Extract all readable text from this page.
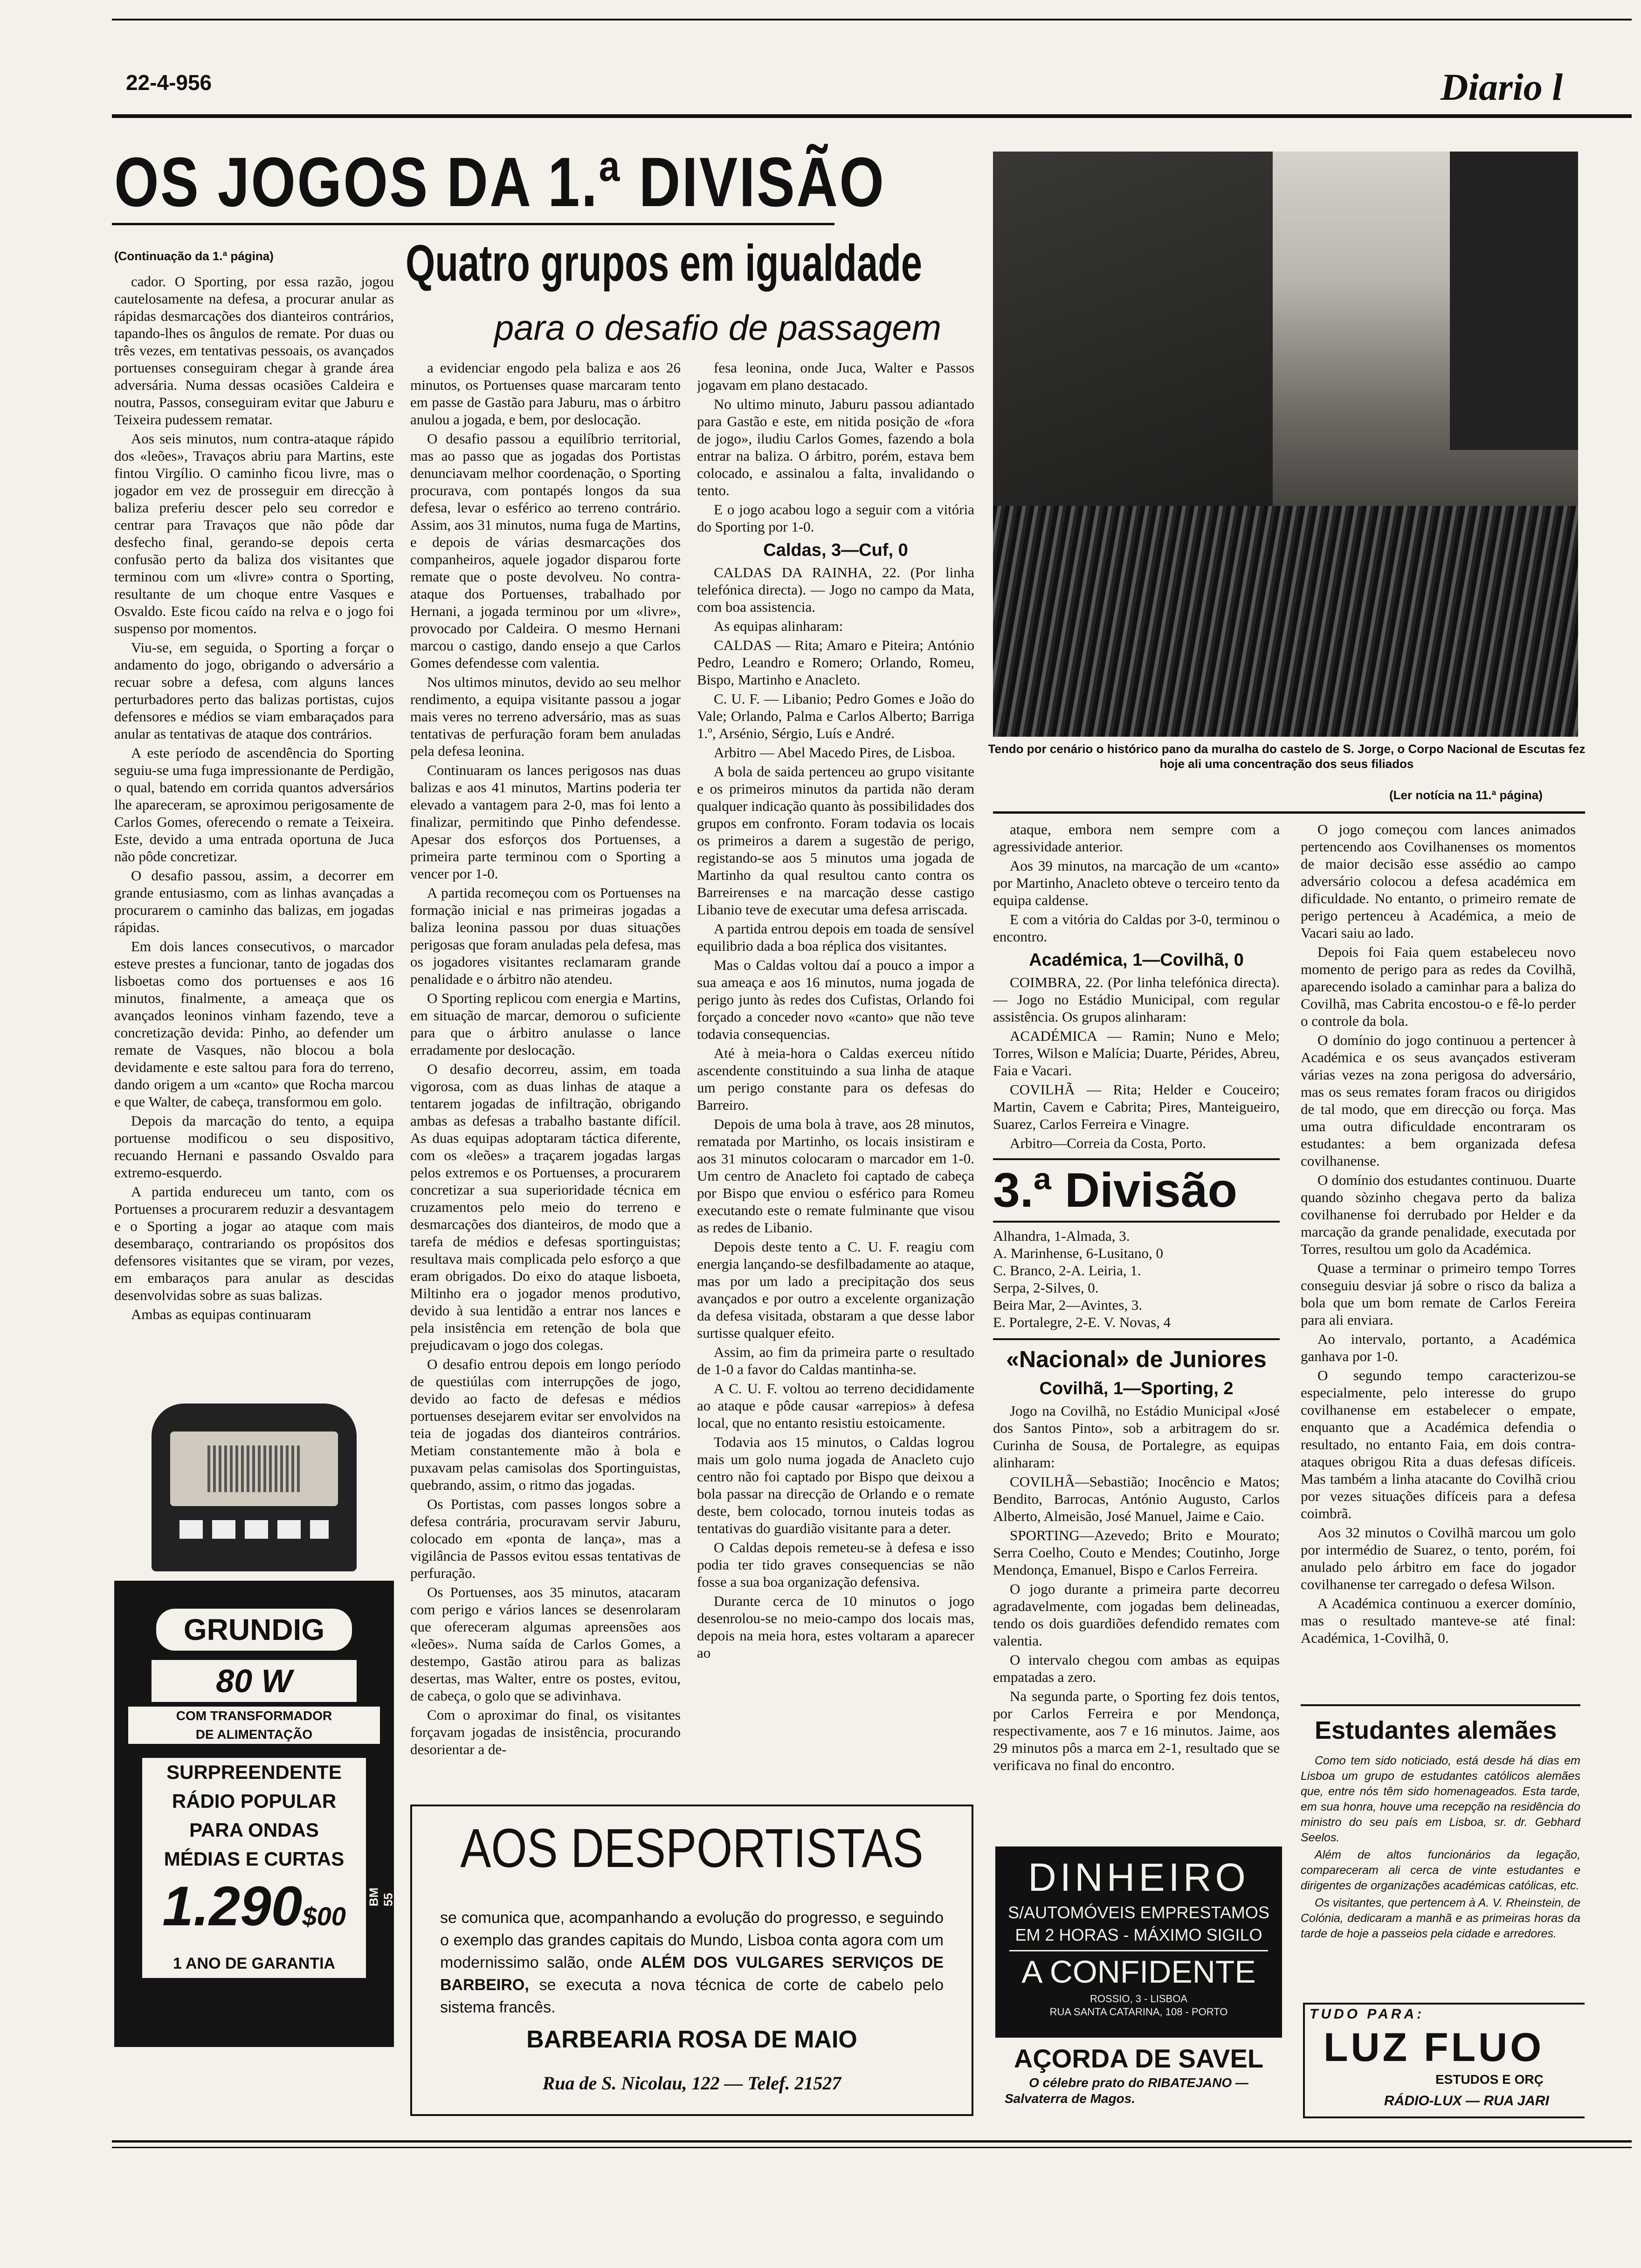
22-4-956	Diario l
OS JOGOS DA 1.ª DIVISÃO
(Continuação da 1.ª página)	Quatro grupos em igualdade
para o desafio de passagem

cador. O Sporting, por essa razão, jogou cautelosamente na defesa, a procurar anular as rápidas desmarcações dos dianteiros contrários, tapando-lhes os ângulos de remate. Por duas ou três vezes, em tentativas pessoais, os avançados portuenses conseguiram chegar à grande área adversária. Numa dessas ocasiões Caldeira e noutra, Passos, conseguiram evitar que Jaburu e Teixeira pudessem rematar.

Aos seis minutos, num contra-ataque rápido dos «leões», Travaços abriu para Martins, este fintou Virgílio. O caminho ficou livre, mas o jogador em vez de prosseguir em direcção à baliza preferiu descer pelo seu corredor e centrar para Travaços que não pôde dar desfecho final, gerando-se depois certa confusão perto da baliza dos visitantes que terminou com um «livre» contra o Sporting, resultante de um choque entre Vasques e Osvaldo. Este ficou caído na relva e o jogo foi suspenso por momentos.

Viu-se, em seguida, o Sporting a forçar o andamento do jogo, obrigando o adversário a recuar sobre a defesa, com alguns lances perturbadores perto das balizas portistas, cujos defensores e médios se viam embaraçados para anular as tentativas de ataque dos contrários.

A este período de ascendência do Sporting seguiu-se uma fuga impressionante de Perdigão, o qual, batendo em corrida quantos adversários lhe apareceram, se aproximou perigosamente de Carlos Gomes, oferecendo o remate a Teixeira. Este, devido a uma entrada oportuna de Juca não pôde concretizar.

O desafio passou, assim, a decorrer em grande entusiasmo, com as linhas avançadas a procurarem o caminho das balizas, em jogadas rápidas.

Em dois lances consecutivos, o marcador esteve prestes a funcionar, tanto de jogadas dos lisboetas como dos portuenses e aos 16 minutos, finalmente, a ameaça que os avançados leoninos vinham fazendo, teve a concretização devida: Pinho, ao defender um remate de Vasques, não blocou a bola devidamente e este saltou para fora do terreno, dando origem a um «canto» que Rocha marcou e que Walter, de cabeça, transformou em golo.

Depois da marcação do tento, a equipa portuense modificou o seu dispositivo, recuando Hernani e passando Osvaldo para extremo-esquerdo.

A partida endureceu um tanto, com os Portuenses a procurarem reduzir a desvantagem e o Sporting a jogar ao ataque com mais desembaraço, contrariando os propósitos dos defensores visitantes que se viram, por vezes, em embaraços para anular as descidas desenvolvidas sobre as suas balizas.

Ambas as equipas continuaram

GRUNDIG
80 W
COM TRANSFORMADOR
DE ALIMENTAÇÃO
SURPREENDENTE
RÁDIO POPULAR
PARA ONDAS
MÉDIAS E CURTAS
1.290$00
1 ANO DE GARANTIA
BM 55

a evidenciar engodo pela baliza e aos 26 minutos, os Portuenses quase marcaram tento em passe de Gastão para Jaburu, mas o árbitro anulou a jogada, e bem, por deslocação.

O desafio passou a equilíbrio territorial, mas ao passo que as jogadas dos Portistas denunciavam melhor coordenação, o Sporting procurava, com pontapés longos da sua defesa, levar o esférico ao terreno contrário. Assim, aos 31 minutos, numa fuga de Martins, e depois de várias desmarcações dos companheiros, aquele jogador disparou forte remate que o poste devolveu. No contra-ataque dos Portuenses, trabalhado por Hernani, a jogada terminou por um «livre», provocado por Caldeira. O mesmo Hernani marcou o castigo, dando ensejo a que Carlos Gomes defendesse com valentia.

Nos ultimos minutos, devido ao seu melhor rendimento, a equipa visitante passou a jogar mais veres no terreno adversário, mas as suas tentativas de perfuração foram bem anuladas pela defesa leonina.

Continuaram os lances perigosos nas duas balizas e aos 41 minutos, Martins poderia ter elevado a vantagem para 2-0, mas foi lento a finalizar, permitindo que Pinho defendesse. Apesar dos esforços dos Portuenses, a primeira parte terminou com o Sporting a vencer por 1-0.

A partida recomeçou com os Portuenses na formação inicial e nas primeiras jogadas a baliza leonina passou por duas situações perigosas que foram anuladas pela defesa, mas os jogadores visitantes reclamaram grande penalidade e o árbitro não atendeu.

O Sporting replicou com energia e Martins, em situação de marcar, demorou o suficiente para que o árbitro anulasse o lance erradamente por deslocação.

O desafio decorreu, assim, em toada vigorosa, com as duas linhas de ataque a tentarem jogadas de infiltração, obrigando ambas as defesas a trabalho bastante difícil. As duas equipas adoptaram táctica diferente, com os «leões» a traçarem jogadas largas pelos extremos e os Portuenses, a procurarem concretizar a sua superioridade técnica em cruzamentos pelo meio do terreno e desmarcações dos dianteiros, de modo que a tarefa de médios e defesas sportinguistas; resultava mais complicada pelo esforço a que eram obrigados. Do eixo do ataque lisboeta, Miltinho era o jogador menos produtivo, devido à sua lentidão a entrar nos lances e pela insistência em retenção de bola que prejudicavam o jogo dos colegas.

O desafio entrou depois em longo período de questiúlas com interrupções de jogo, devido ao facto de defesas e médios portuenses desejarem evitar ser envolvidos na teia de jogadas dos dianteiros contrários. Metiam constantemente mão à bola e puxavam pelas camisolas dos Sportinguistas, quebrando, assim, o ritmo das jogadas.

Os Portistas, com passes longos sobre a defesa contrária, procuravam servir Jaburu, colocado em «ponta de lança», mas a vigilância de Passos evitou essas tentativas de perfuração.

Os Portuenses, aos 35 minutos, atacaram com perigo e vários lances se desenrolaram que ofereceram algumas apreensões aos «leões». Numa saída de Carlos Gomes, a destempo, Gastão atirou para as balizas desertas, mas Walter, entre os postes, evitou, de cabeça, o golo que se adivinhava.

Com o aproximar do final, os visitantes forçavam jogadas de insistência, procurando desorientar a de-

fesa leonina, onde Juca, Walter e Passos jogavam em plano destacado.

No ultimo minuto, Jaburu passou adiantado para Gastão e este, em nitida posição de «fora de jogo», iludiu Carlos Gomes, fazendo a bola entrar na baliza. O árbitro, porém, estava bem colocado, e assinalou a falta, invalidando o tento.

E o jogo acabou logo a seguir com a vitória do Sporting por 1-0.

Caldas, 3—Cuf, 0

CALDAS DA RAINHA, 22. (Por linha telefónica directa). — Jogo no campo da Mata, com boa assistencia.

As equipas alinharam:

CALDAS — Rita; Amaro e Piteira; António Pedro, Leandro e Romero; Orlando, Romeu, Bispo, Martinho e Anacleto.

C. U. F. — Libanio; Pedro Gomes e João do Vale; Orlando, Palma e Carlos Alberto; Barriga 1.º, Arsénio, Sérgio, Luís e André.

Arbitro — Abel Macedo Pires, de Lisboa.

A bola de saida pertenceu ao grupo visitante e os primeiros minutos da partida não deram qualquer indicação quanto às possibilidades dos grupos em confronto. Foram todavia os locais os primeiros a darem a sugestão de perigo, registando-se aos 5 minutos uma jogada de Martinho da qual resultou canto contra os Barreirenses e na marcação desse castigo Libanio teve de executar uma defesa arriscada.

A partida entrou depois em toada de sensível equilibrio dada a boa réplica dos visitantes.

Mas o Caldas voltou daí a pouco a impor a sua ameaça e aos 16 minutos, numa jogada de perigo junto às redes dos Cufistas, Orlando foi forçado a conceder novo «canto» que não teve todavia consequencias.

Até à meia-hora o Caldas exerceu nítido ascendente constituindo a sua linha de ataque um perigo constante para os defesas do Barreiro.

Depois de uma bola à trave, aos 28 minutos, rematada por Martinho, os locais insistiram e aos 31 minutos colocaram o marcador em 1-0. Um centro de Anacleto foi captado de cabeça por Bispo que enviou o esférico para Romeu executando este o remate fulminante que visou as redes de Libanio.

Depois deste tento a C. U. F. reagiu com energia lançando-se desfilbadamente ao ataque, mas por um lado a precipitação dos seus avançados e por outro a excelente organização da defesa visitada, obstaram a que desse labor surtisse qualquer efeito.

Assim, ao fim da primeira parte o resultado de 1-0 a favor do Caldas mantinha-se.

A C. U. F. voltou ao terreno decididamente ao ataque e pôde causar «arrepios» à defesa local, que no entanto resistiu estoicamente.

Todavia aos 15 minutos, o Caldas logrou mais um golo numa jogada de Anacleto cujo centro não foi captado por Bispo que deixou a bola passar na direcção de Orlando e o remate deste, bem colocado, tornou inuteis todas as tentativas do guardião visitante para a deter.

O Caldas depois remeteu-se à defesa e isso podia ter tido graves consequencias se não fosse a sua boa organização defensiva.

Durante cerca de 10 minutos o jogo desenrolou-se no meio-campo dos locais mas, depois na meia hora, estes voltaram a aparecer ao

Tendo por cenário o histórico pano da muralha do castelo de S. Jorge, o Corpo Nacional de Escutas fez hoje ali uma concentração dos seus filiados
(Ler notícia na 11.ª página)

ataque, embora nem sempre com a agressividade anterior.

Aos 39 minutos, na marcação de um «canto» por Martinho, Anacleto obteve o terceiro tento da equipa caldense.

E com a vitória do Caldas por 3-0, terminou o encontro.

Académica, 1—Covilhã, 0

COIMBRA, 22. (Por linha telefónica directa). — Jogo no Estádio Municipal, com regular assistência. Os grupos alinharam:

ACADÉMICA — Ramin; Nuno e Melo; Torres, Wilson e Malícia; Duarte, Pérides, Abreu, Faia e Vacari.

COVILHÃ — Rita; Helder e Couceiro; Martin, Cavem e Cabrita; Pires, Manteigueiro, Suarez, Carlos Ferreira e Vinagre.

Arbitro—Correia da Costa, Porto.

3.ª Divisão
Alhandra, 1-Almada, 3.
A. Marinhense, 6-Lusitano, 0
C. Branco, 2-A. Leiria, 1.
Serpa, 2-Silves, 0.
Beira Mar, 2—Avintes, 3.
E. Portalegre, 2-E. V. Novas, 4
«Nacional» de Juniores
Covilhã, 1—Sporting, 2

Jogo na Covilhã, no Estádio Municipal «José dos Santos Pinto», sob a arbitragem do sr. Curinha de Sousa, de Portalegre, as equipas alinharam:

COVILHÃ—Sebastião; Inocêncio e Matos; Bendito, Barrocas, António Augusto, Carlos Alberto, Almeisão, José Manuel, Jaime e Caio.

SPORTING—Azevedo; Brito e Mourato; Serra Coelho, Couto e Mendes; Coutinho, Jorge Mendonça, Emanuel, Bispo e Carlos Ferreira.

O jogo durante a primeira parte decorreu agradavelmente, com jogadas bem delineadas, tendo os dois guardiões defendido remates com valentia.

O intervalo chegou com ambas as equipas empatadas a zero.

Na segunda parte, o Sporting fez dois tentos, por Carlos Ferreira e por Mendonça, respectivamente, aos 7 e 16 minutos. Jaime, aos 29 minutos pôs a marca em 2-1, resultado que se verificava no final do encontro.

O jogo começou com lances animados pertencendo aos Covilhanenses os momentos de maior decisão esse assédio ao campo adversário colocou a defesa académica em dificuldade. No entanto, o primeiro remate de perigo pertenceu à Académica, a meio de Vacari saiu ao lado.

Depois foi Faia quem estabeleceu novo momento de perigo para as redes da Covilhã, aparecendo isolado a caminhar para a baliza do Covilhã, mas Cabrita encostou-o e fê-lo perder o controle da bola.

O domínio do jogo continuou a pertencer à Académica e os seus avançados estiveram várias vezes na zona perigosa do adversário, mas os seus remates foram fracos ou dirigidos de tal modo, que em direcção ou força. Mas uma outra dificuldade encontraram os estudantes: a bem organizada defesa covilhanense.

O domínio dos estudantes continuou. Duarte quando sòzinho chegava perto da baliza covilhanense foi derrubado por Helder e da marcação da grande penalidade, executada por Torres, resultou um golo da Académica.

Quase a terminar o primeiro tempo Torres conseguiu desviar já sobre o risco da baliza a bola que um bom remate de Carlos Fereira para ali enviara.

Ao intervalo, portanto, a Académica ganhava por 1-0.

O segundo tempo caracterizou-se especialmente, pelo interesse do grupo covilhanense em estabelecer o empate, enquanto que a Académica defendia o resultado, no entanto Faia, em dois contra-ataques obrigou Rita a duas defesas difíceis. Mas também a linha atacante do Covilhã criou por vezes situações difíceis para a defesa coimbrã.

Aos 32 minutos o Covilhã marcou um golo por intermédio de Suarez, o tento, porém, foi anulado pelo árbitro em face do jogador covilhanense ter carregado o defesa Wilson.

A Académica continuou a exercer domínio, mas o resultado manteve-se até final: Académica, 1-Covilhã, 0.

Estudantes alemães

Como tem sido noticiado, está desde há dias em Lisboa um grupo de estudantes católicos alemães que, entre nós têm sido homenageados. Esta tarde, em sua honra, houve uma recepção na residência do ministro do seu país em Lisboa, sr. dr. Gebhard Seelos.

Além de altos funcionários da legação, compareceram ali cerca de vinte estudantes e dirigentes de organizações académicas católicas, etc.

Os visitantes, que pertencem à A. V. Rheinstein, de Colónia, dedicaram a manhã e as primeiras horas da tarde de hoje a passeios pela cidade e arredores.

AOS DESPORTISTAS
se comunica que, acompanhando a evolução do progresso, e seguindo o exemplo das grandes capitais do Mundo, Lisboa conta agora com um modernissimo salão, onde ALÉM DOS VULGARES SERVIÇOS DE BARBEIRO, se executa a nova técnica de corte de cabelo pelo sistema francês.
BARBEARIA ROSA DE MAIO
Rua de S. Nicolau, 122 — Telef. 21527
DINHEIRO
S/AUTOMÓVEIS EMPRESTAMOS
EM 2 HORAS - MÁXIMO SIGILO
A CONFIDENTE
ROSSIO, 3 - LISBOA
RUA SANTA CATARINA, 108 - PORTO
AÇORDA DE SAVEL
O célebre prato do RIBATEJANO —
Salvaterra de Magos.
TUDO PARA:
LUZ FLUO
ESTUDOS E ORÇ
RÁDIO-LUX — RUA JARI
